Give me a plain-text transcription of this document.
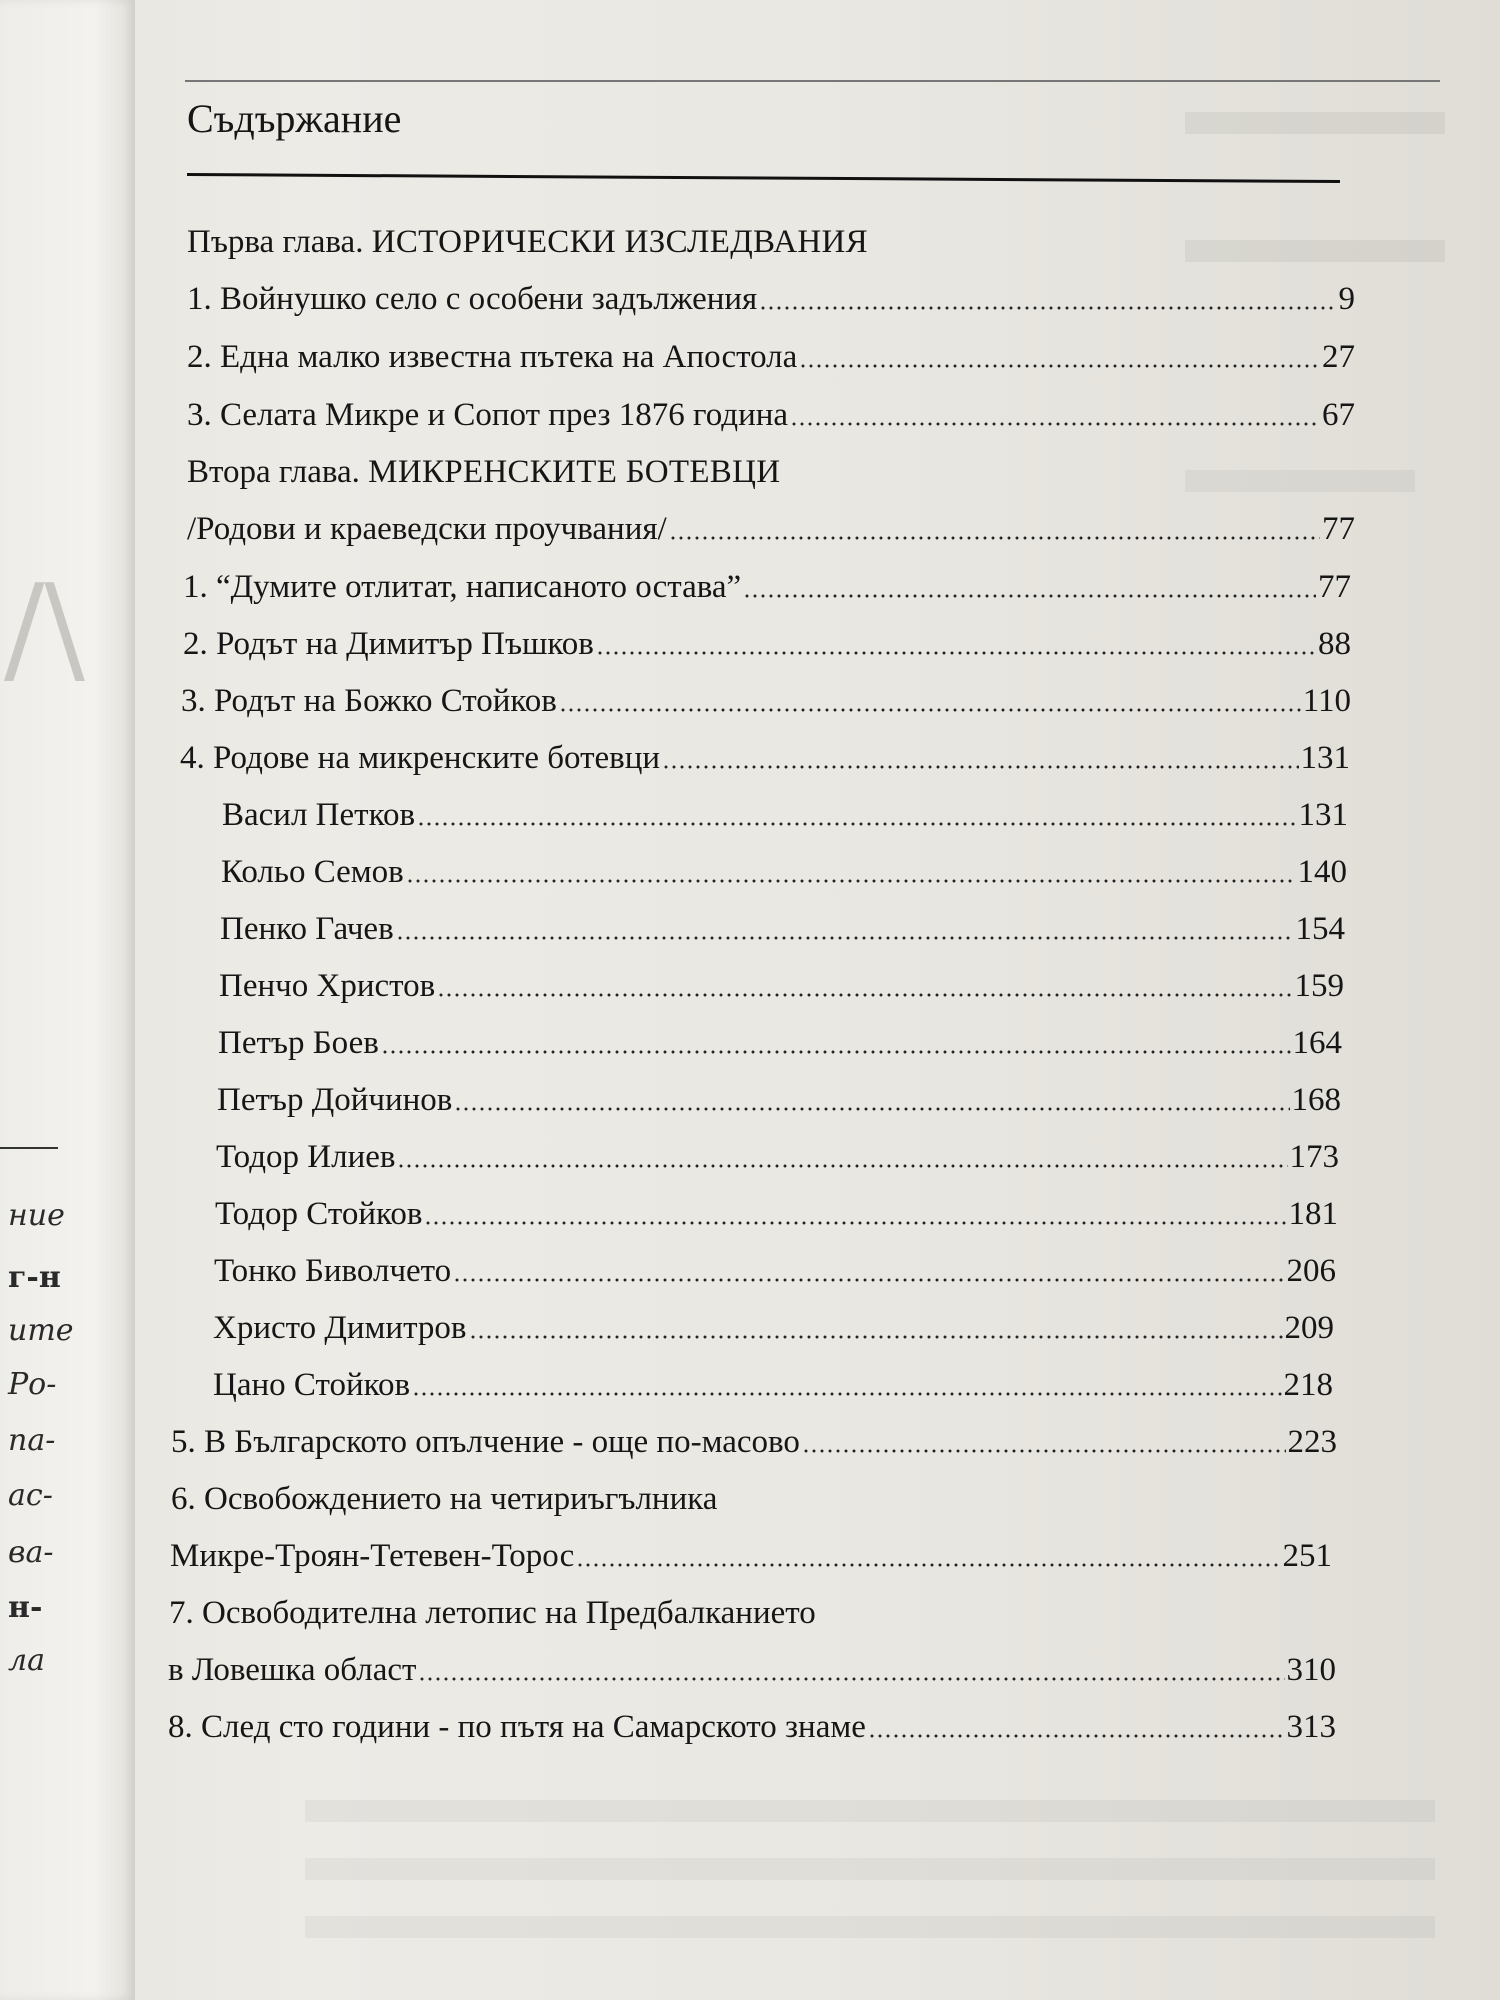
/\
ние
г-н
ите
Ро-
па-
ас-
ва-
н-
ла
Съдържание
Първа глава. ИСТОРИЧЕСКИ ИЗСЛЕДВАНИЯ
1. Войнушко село с особени задължения	9
2. Една малко известна пътека на Апостола	27
3. Селата Микре и Сопот през 1876 година	67
Втора глава. МИКРЕНСКИТЕ БОТЕВЦИ
/Родови и краеведски проучвания/	77
1. “Думите отлитат, написаното остава”	77
2. Родът на Димитър Пъшков	88
3. Родът на Божко Стойков	110
4. Родове на микренските ботевци	131
Васил Петков	131
Кольо Семов	140
Пенко Гачев	154
Пенчо Христов	159
Петър Боев	164
Петър Дойчинов	168
Тодор Илиев	173
Тодор Стойков	181
Тонко Биволчето	206
Христо Димитров	209
Цано Стойков	218
5. В Българското опълчение - още по-масово	223
6. Освобождението на четириъгълника
Микре-Троян-Тетевен-Торос	251
7. Освободителна летопис на Предбалканието
в Ловешка област	310
8. След сто години - по пътя на Самарското знаме	313
